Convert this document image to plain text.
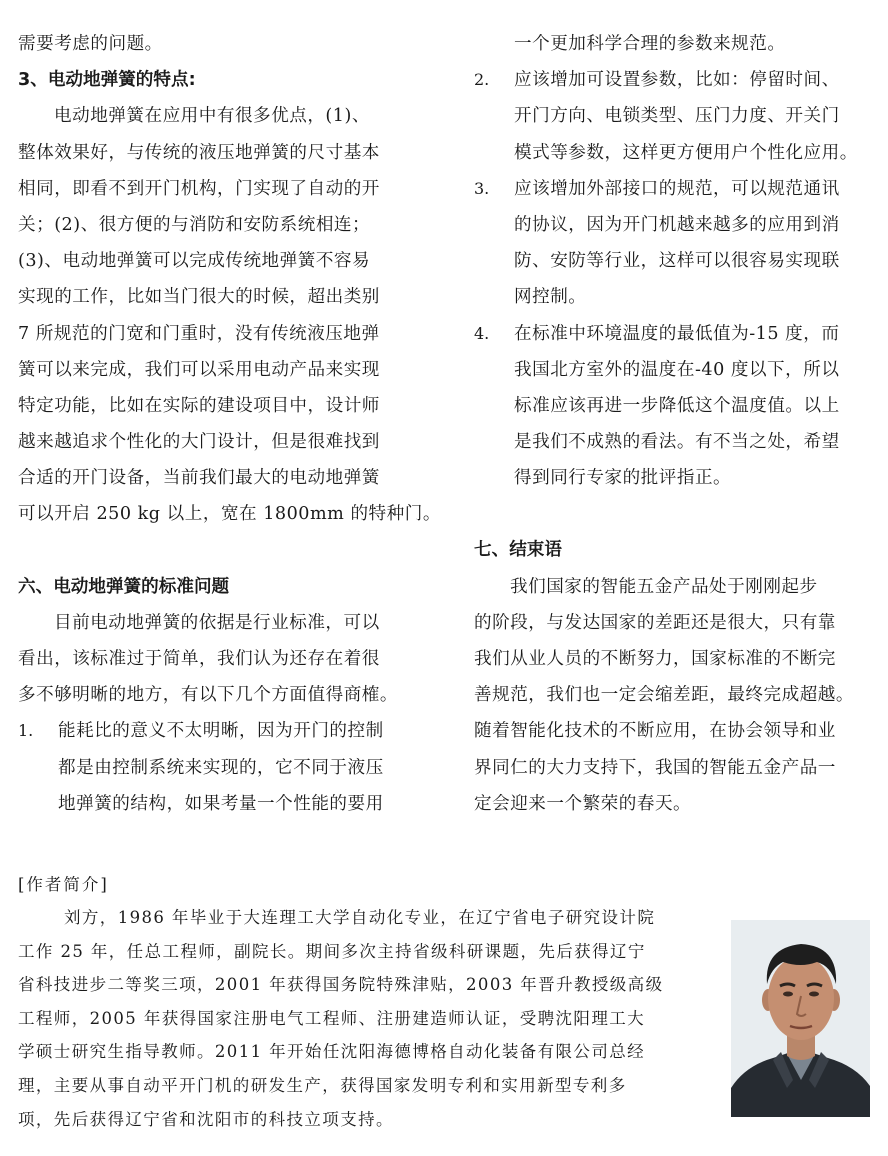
需要考虑的问题。
3、电动地弹簧的特点:
电动地弹簧在应用中有很多优点，(1)、
整体效果好，与传统的液压地弹簧的尺寸基本
相同，即看不到开门机构，门实现了自动的开
关；(2)、很方便的与消防和安防系统相连；
(3)、电动地弹簧可以完成传统地弹簧不容易
实现的工作，比如当门很大的时候，超出类别
7 所规范的门宽和门重时，没有传统液压地弹
簧可以来完成，我们可以采用电动产品来实现
特定功能，比如在实际的建设项目中，设计师
越来越追求个性化的大门设计，但是很难找到
合适的开门设备，当前我们最大的电动地弹簧
可以开启 250 kg 以上，宽在 1800mm 的特种门。
六、电动地弹簧的标准问题
目前电动地弹簧的依据是行业标准，可以
看出，该标准过于简单，我们认为还存在着很
多不够明晰的地方，有以下几个方面值得商榷。
1.	能耗比的意义不太明晰，因为开门的控制
都是由控制系统来实现的，它不同于液压
地弹簧的结构，如果考量一个性能的要用
一个更加科学合理的参数来规范。
2.	应该增加可设置参数，比如：停留时间、
开门方向、电锁类型、压门力度、开关门
模式等参数，这样更方便用户个性化应用。
3.	应该增加外部接口的规范，可以规范通讯
的协议，因为开门机越来越多的应用到消
防、安防等行业，这样可以很容易实现联
网控制。
4.	在标准中环境温度的最低值为-15 度，而
我国北方室外的温度在-40 度以下，所以
标准应该再进一步降低这个温度值。以上
是我们不成熟的看法。有不当之处，希望
得到同行专家的批评指正。
七、结束语
我们国家的智能五金产品处于刚刚起步
的阶段，与发达国家的差距还是很大，只有靠
我们从业人员的不断努力，国家标准的不断完
善规范，我们也一定会缩差距，最终完成超越。
随着智能化技术的不断应用，在协会领导和业
界同仁的大力支持下，我国的智能五金产品一
定会迎来一个繁荣的春天。
[作者简介]
刘方，1986 年毕业于大连理工大学自动化专业，在辽宁省电子研究设计院
工作 25 年，任总工程师，副院长。期间多次主持省级科研课题，先后获得辽宁
省科技进步二等奖三项，2001 年获得国务院特殊津贴，2003 年晋升教授级高级
工程师，2005 年获得国家注册电气工程师、注册建造师认证，受聘沈阳理工大
学硕士研究生指导教师。2011 年开始任沈阳海德博格自动化装备有限公司总经
理，主要从事自动平开门机的研发生产，获得国家发明专利和实用新型专利多
项，先后获得辽宁省和沈阳市的科技立项支持。
